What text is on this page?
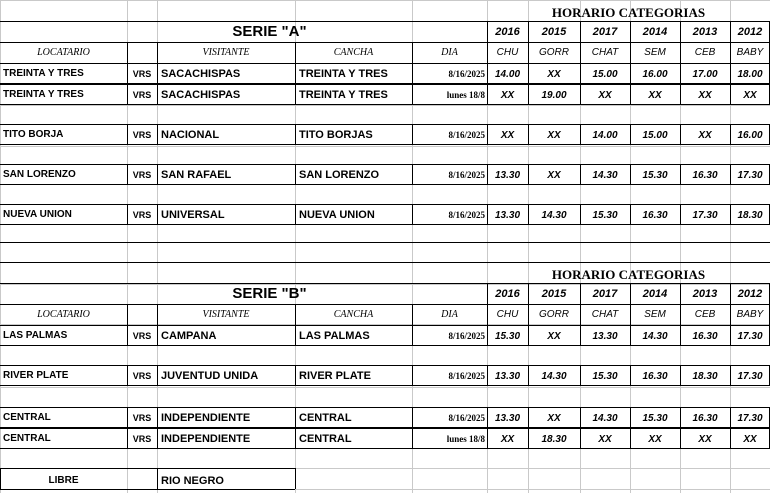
HORARIO CATEGORIAS
SERIE "A"	2016	2015	2017	2014	2013	2012
LOCATARIO	VISITANTE	CANCHA	DIA	CHU	GORR	CHAT	SEM	CEB	BABY
TREINTA Y TRES	VRS SACACHISPAS	TREINTA Y TRES	8/16/2025 14.00	XX	15.00	16.00	17.00	18.00
TREINTA Y TRES	VRS SACACHISPAS	TREINTA Y TRES	lunes 18/8	XX	19.00	XX	XX	XX	XX
TITO BORJA	VRS NACIONAL	TITO BORJAS	8/16/2025	XX	XX	14.00	15.00	XX	16.00
SAN LORENZO	VRS SAN RAFAEL	SAN LORENZO	8/16/2025 13.30	XX	14.30	15.30	16.30	17.30
NUEVA UNION	VRS UNIVERSAL	NUEVA UNION	8/16/2025 13.30	14.30	15.30	16.30	17.30	18.30
HORARIO CATEGORIAS
SERIE "B"	2016	2015	2017	2014	2013	2012
LOCATARIO	VISITANTE	CANCHA	DIA	CHU	GORR	CHAT	SEM	CEB	BABY
LAS PALMAS	VRS CAMPANA	LAS PALMAS	8/16/2025 15.30	XX	13.30	14.30	16.30	17.30
RIVER PLATE	VRS JUVENTUD UNIDA	RIVER PLATE	8/16/2025 13.30	14.30	15.30	16.30	18.30	17.30
CENTRAL	VRS INDEPENDIENTE	CENTRAL	8/16/2025 13.30	XX	14.30	15.30	16.30	17.30
CENTRAL	VRS INDEPENDIENTE	CENTRAL	lunes 18/8	XX	18.30	XX	XX	XX	XX
LIBRE	RIO NEGRO
